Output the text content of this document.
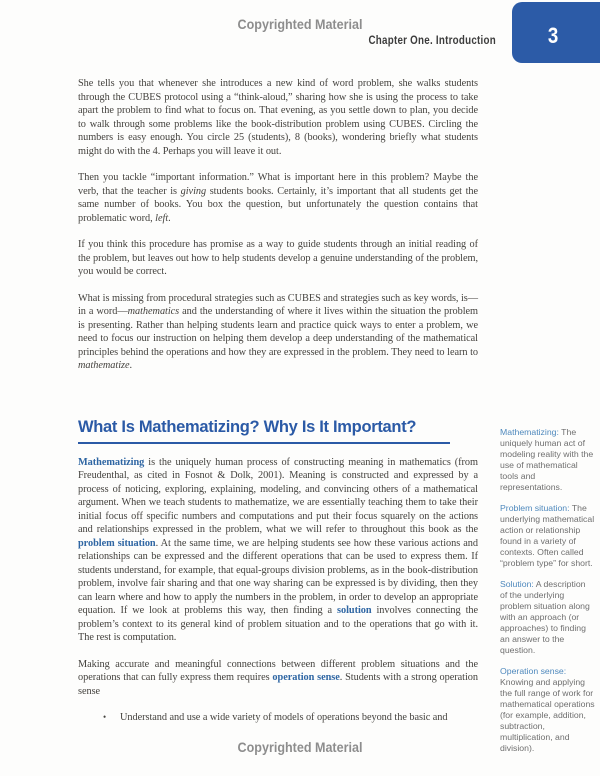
Copyrighted Material
Chapter One. Introduction 3

She tells you that whenever she introduces a new kind of word problem, she walks students through the CUBES protocol using a “think-aloud,” sharing how she is using the process to take apart the problem to find what to focus on. That evening, as you settle down to plan, you decide to walk through some problems like the book-distribution problem using CUBES. Circling the numbers is easy enough. You circle 25 (students), 8 (books), wondering briefly what students might do with the 4. Perhaps you will leave it out.

Then you tackle “important information.” What is important here in this problem? Maybe the verb, that the teacher is giving students books. Certainly, it’s important that all students get the same number of books. You box the question, but unfortunately the question contains that problematic word, left.

If you think this procedure has promise as a way to guide students through an initial reading of the problem, but leaves out how to help students develop a genuine understanding of the problem, you would be correct.

What is missing from procedural strategies such as CUBES and strategies such as key words, is—in a word—mathematics and the understanding of where it lives within the situation the problem is presenting. Rather than helping students learn and practice quick ways to enter a problem, we need to focus our instruction on helping them develop a deep understanding of the mathematical principles behind the operations and how they are expressed in the problem. They need to learn to mathematize.

What Is Mathematizing? Why Is It Important?

Mathematizing is the uniquely human process of constructing meaning in mathematics (from Freudenthal, as cited in Fosnot & Dolk, 2001). Meaning is constructed and expressed by a process of noticing, exploring, explaining, modeling, and convincing others of a mathematical argument. When we teach students to mathematize, we are essentially teaching them to take their initial focus off specific numbers and computations and put their focus squarely on the actions and relationships expressed in the problem, what we will refer to throughout this book as the problem situation. At the same time, we are helping students see how these various actions and relationships can be expressed and the different operations that can be used to express them. If students understand, for example, that equal-groups division problems, as in the book-distribution problem, involve fair sharing and that one way sharing can be expressed is by dividing, then they can learn where and how to apply the numbers in the problem, in order to develop an appropriate equation. If we look at problems this way, then finding a solution involves connecting the problem’s context to its general kind of problem situation and to the operations that go with it. The rest is computation.

Making accurate and meaningful connections between different problem situations and the operations that can fully express them requires operation sense. Students with a strong operation sense

•	Understand and use a wide variety of models of operations beyond the basic and
Mathematizing: The uniquely human act of modeling reality with the use of mathematical tools and representations.
Problem situation: The underlying mathematical action or relationship found in a variety of contexts. Often called “problem type” for short.
Solution: A description of the underlying problem situation along with an approach (or approaches) to finding an answer to the question.
Operation sense: Knowing and applying the full range of work for mathematical operations (for example, addition, subtraction, multiplication, and division).
Copyrighted Material
